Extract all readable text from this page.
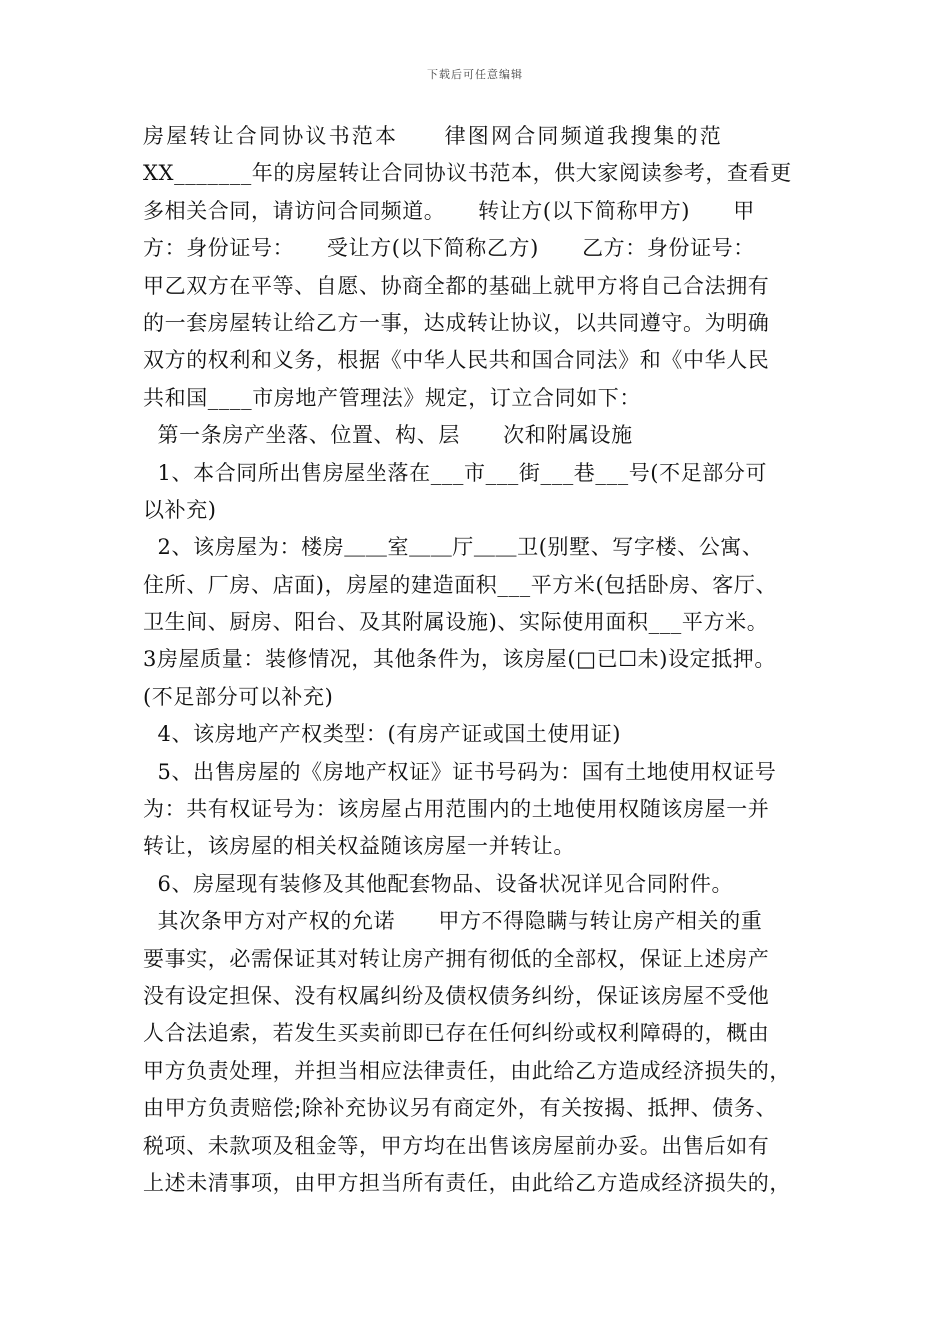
下载后可任意编辑
房屋转让合同协议书范本　　律图网合同频道我搜集的范
XX_______年的房屋转让合同协议书范本，供大家阅读参考，查看更
多相关合同，请访问合同频道。　　转让方(以下简称甲方)　　甲
方：身份证号：　　受让方(以下简称乙方)　　乙方：身份证号：
甲乙双方在平等、自愿、协商全都的基础上就甲方将自己合法拥有
的一套房屋转让给乙方一事，达成转让协议，以共同遵守。为明确
双方的权利和义务，根据《中华人民共和国合同法》和《中华人民
共和国____市房地产管理法》规定，订立合同如下：
第一条房产坐落、位置、构、层　　次和附属设施
1、本合同所出售房屋坐落在___市___街___巷___号(不足部分可
以补充)
2、该房屋为：楼房＿＿室＿＿厅＿＿卫(别墅、写字楼、公寓、
住所、厂房、店面)，房屋的建造面积___平方米(包括卧房、客厅、
卫生间、厨房、阳台、及其附属设施)、实际使用面积___平方米。
3房屋质量：装修情况，其他条件为，该房屋(□已☐未)设定抵押。
(不足部分可以补充)
4、该房地产产权类型：(有房产证或国土使用证)
5、出售房屋的《房地产权证》证书号码为：国有土地使用权证号
为：共有权证号为：该房屋占用范围内的土地使用权随该房屋一并
转让，该房屋的相关权益随该房屋一并转让。
6、房屋现有装修及其他配套物品、设备状况详见合同附件。
其次条甲方对产权的允诺　　甲方不得隐瞒与转让房产相关的重
要事实，必需保证其对转让房产拥有彻低的全部权，保证上述房产
没有设定担保、没有权属纠纷及债权债务纠纷，保证该房屋不受他
人合法追索，若发生买卖前即已存在任何纠纷或权利障碍的，概由
甲方负责处理，并担当相应法律责任，由此给乙方造成经济损失的，
由甲方负责赔偿;除补充协议另有商定外，有关按揭、抵押、债务、
税项、未款项及租金等，甲方均在出售该房屋前办妥。出售后如有
上述未清事项，由甲方担当所有责任，由此给乙方造成经济损失的，
